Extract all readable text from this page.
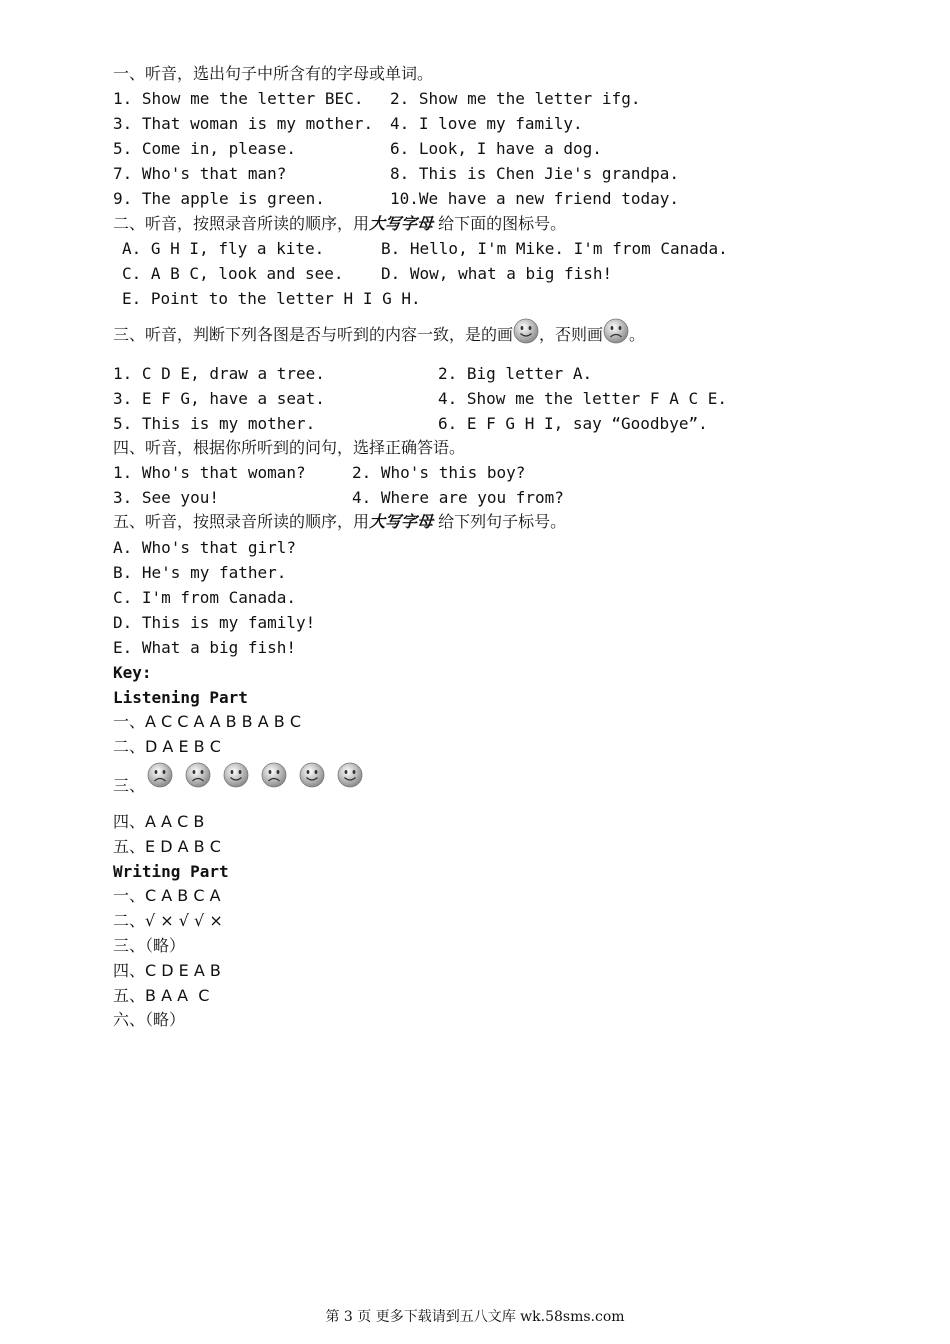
一、听音，选出句子中所含有的字母或单词。
1. Show me the letter BEC. 2. Show me the letter ifg.
3. That woman is my mother. 4. I love my family.
5. Come in, please.	6. Look, I have a dog.
7. Who's that man?	8. This is Chen Jie's grandpa.
9. The apple is green.	10.We have a new friend today.
二、听音，按照录音所读的顺序，用大写字母 给下面的图标号。
A. G H I, fly a kite.	B. Hello, I'm Mike. I'm from Canada.
C. A B C, look and see. D. Wow, what a big fish!
E. Point to the letter H I G H.
三、听音，判断下列各图是否与听到的内容一致，是的画 ，否则画 。
1. C D E, draw a tree.	2. Big letter A.
3. E F G, have a seat.	4. Show me the letter F A C E.
5. This is my mother.	6. E F G H I, say “Goodbye”.
四、听音，根据你所听到的问句，选择正确答语。
1. Who's that woman?	2. Who's this boy?
3. See you!	4. Where are you from?
五、听音，按照录音所读的顺序，用大写字母 给下列句子标号。
A. Who's that girl?
B. He's my father.
C. I'm from Canada.
D. This is my family!
E. What a big fish!
Key:
Listening Part
一、A C C A A B B A B C
二、D A E B C
三、
四、A A C B
五、E D A B C
Writing Part
一、C A B C A
二、√ × √ √ ×
三、（略）
四、C D E A B
五、B A A  C
六、（略）
第 3 页 更多下载请到五八文库 wk.58sms.com
